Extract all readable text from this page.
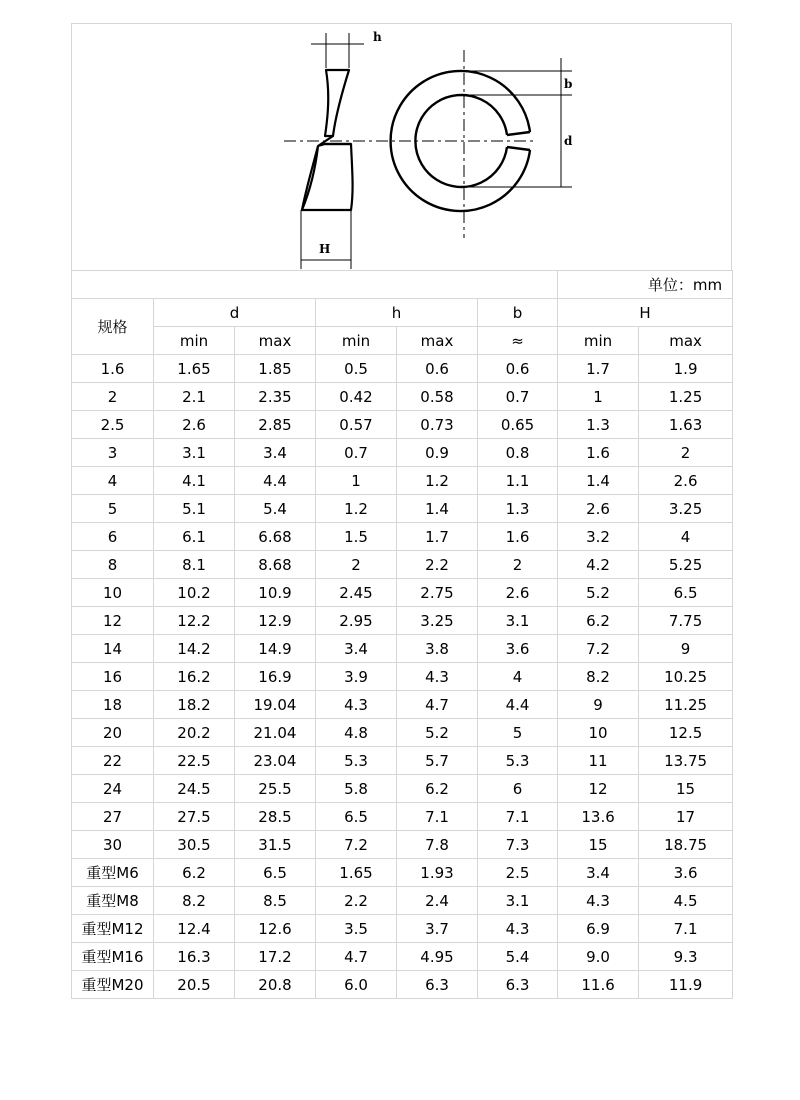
h
H
b
d
						单位：mm	
规格	d		h		b	H	
	min	max	min	max	≈	min	max
1.6	1.65	1.85	0.5	0.6	0.6	1.7	1.9
2	2.1	2.35	0.42	0.58	0.7	1	1.25
2.5	2.6	2.85	0.57	0.73	0.65	1.3	1.63
3	3.1	3.4	0.7	0.9	0.8	1.6	2
4	4.1	4.4	1	1.2	1.1	1.4	2.6
5	5.1	5.4	1.2	1.4	1.3	2.6	3.25
6	6.1	6.68	1.5	1.7	1.6	3.2	4
8	8.1	8.68	2	2.2	2	4.2	5.25
10	10.2	10.9	2.45	2.75	2.6	5.2	6.5
12	12.2	12.9	2.95	3.25	3.1	6.2	7.75
14	14.2	14.9	3.4	3.8	3.6	7.2	9
16	16.2	16.9	3.9	4.3	4	8.2	10.25
18	18.2	19.04	4.3	4.7	4.4	9	11.25
20	20.2	21.04	4.8	5.2	5	10	12.5
22	22.5	23.04	5.3	5.7	5.3	11	13.75
24	24.5	25.5	5.8	6.2	6	12	15
27	27.5	28.5	6.5	7.1	7.1	13.6	17
30	30.5	31.5	7.2	7.8	7.3	15	18.75
重型M6	6.2	6.5	1.65	1.93	2.5	3.4	3.6
重型M8	8.2	8.5	2.2	2.4	3.1	4.3	4.5
重型M12	12.4	12.6	3.5	3.7	4.3	6.9	7.1
重型M16	16.3	17.2	4.7	4.95	5.4	9.0	9.3
重型M20	20.5	20.8	6.0	6.3	6.3	11.6	11.9
